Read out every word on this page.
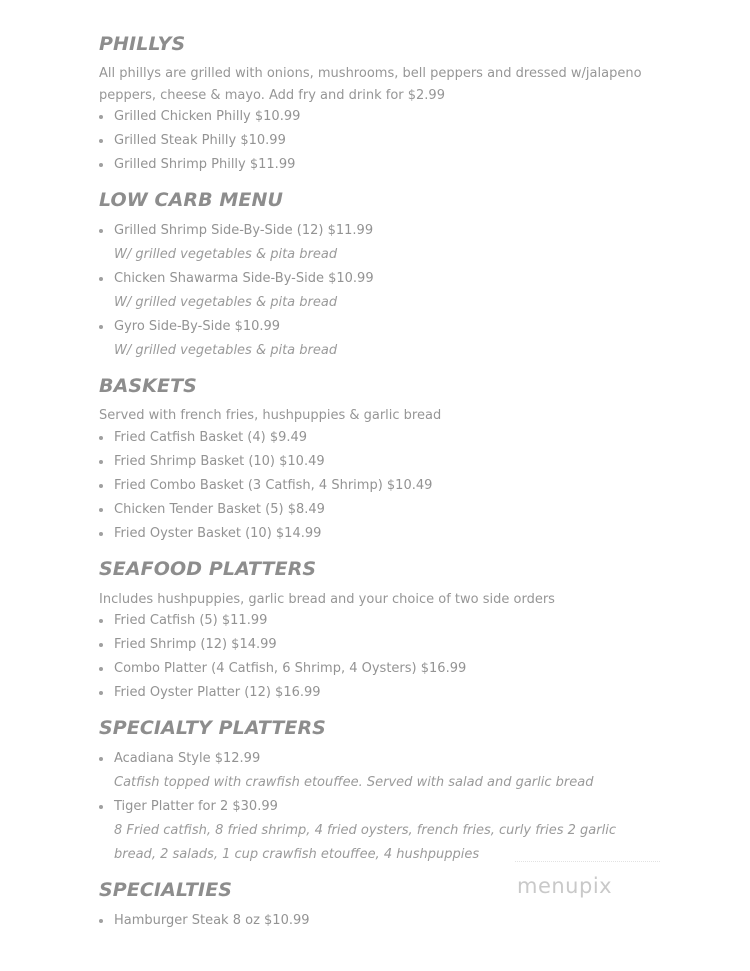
PHILLYS

All phillys are grilled with onions, mushrooms, bell peppers and dressed w/jalapeno peppers, cheese & mayo. Add fry and drink for $2.99

Grilled Chicken Philly $10.99

Grilled Steak Philly $10.99

Grilled Shrimp Philly $11.99

LOW CARB MENU

Grilled Shrimp Side-By-Side (12) $11.99

W/ grilled vegetables & pita bread

Chicken Shawarma Side-By-Side $10.99

W/ grilled vegetables & pita bread

Gyro Side-By-Side $10.99

W/ grilled vegetables & pita bread

BASKETS

Served with french fries, hushpuppies & garlic bread

Fried Catfish Basket (4) $9.49

Fried Shrimp Basket (10) $10.49

Fried Combo Basket (3 Catfish, 4 Shrimp) $10.49

Chicken Tender Basket (5) $8.49

Fried Oyster Basket (10) $14.99

SEAFOOD PLATTERS

Includes hushpuppies, garlic bread and your choice of two side orders

Fried Catfish (5) $11.99

Fried Shrimp (12) $14.99

Combo Platter (4 Catfish, 6 Shrimp, 4 Oysters) $16.99

Fried Oyster Platter (12) $16.99

SPECIALTY PLATTERS

Acadiana Style $12.99

Catfish topped with crawfish etouffee. Served with salad and garlic bread

Tiger Platter for 2 $30.99

8 Fried catfish, 8 fried shrimp, 4 fried oysters, french fries, curly fries 2 garlic bread, 2 salads, 1 cup crawfish etouffee, 4 hushpuppies

SPECIALTIES

Hamburger Steak 8 oz $10.99

menupix
